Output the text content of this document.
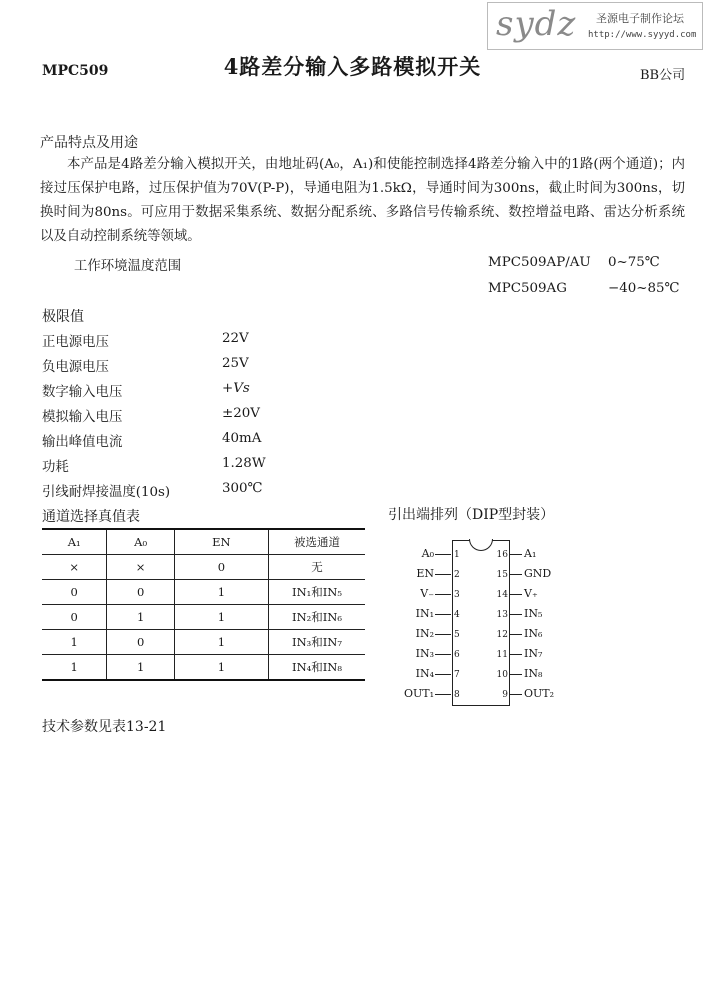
MPC509	4路差分输入多路模拟开关	BB公司
sydz 圣源电子制作论坛
http://www.syyyd.com
产品特点及用途
本产品是4路差分输入模拟开关，由地址码(A₀，A₁)和使能控制选择4路差分输入中的1路(两个通道)；内接过压保护电路，过压保护值为70V(P-P)，导通电阻为1.5kΩ，导通时间为300ns，截止时间为300ns，切换时间为80ns。可应用于数据采集系统、数据分配系统、多路信号传输系统、数控增益电路、雷达分析系统以及自动控制系统等领域。
工作环境温度范围	MPC509AP/AU 0~75℃
MPC509AG	−40~85℃
极限值
正电源电压	22V
负电源电压	25V
数字输入电压	+Vs
模拟输入电压	±20V
输出峰值电流	40mA
功耗	1.28W
引线耐焊接温度(10s)	300℃
通道选择真值表
A₁	A₀	EN	被选通道
×	×	0	无
0	0	1	IN₁和IN₅
0	1	1	IN₂和IN₆
1	0	1	IN₃和IN₇
1	1	1	IN₄和IN₈
引出端排列（DIP型封装）
A₀ 1
EN 2
V₋ 3
IN₁ 4
IN₂ 5
IN₃ 6
IN₄ 7
OUT₁ 8
16 A₁
15 GND
14 V₊
13 IN₅
12 IN₆
11 IN₇
10 IN₈
9 OUT₂
技术参数见表13-21
